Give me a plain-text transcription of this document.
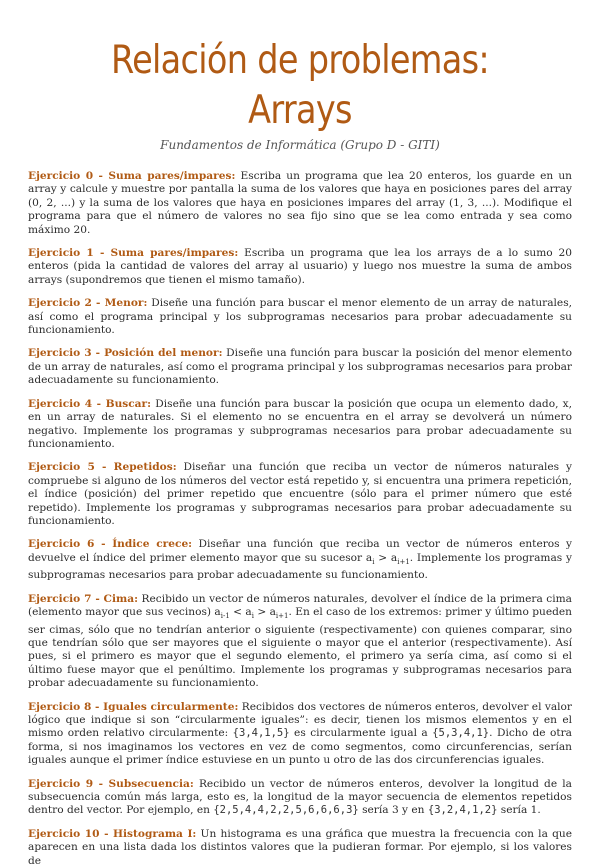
Relación de problemas: Arrays
Fundamentos de Informática (Grupo D - GITI)

Ejercicio 0 - Suma pares/impares: Escriba un programa que lea 20 enteros, los guarde en un array y calcule y muestre por pantalla la suma de los valores que haya en posiciones pares del array (0, 2, ...) y la suma de los valores que haya en posiciones impares del array (1, 3, ...). Modifique el programa para que el número de valores no sea fijo sino que se lea como entrada y sea como máximo 20.

Ejercicio 1 - Suma pares/impares: Escriba un programa que lea los arrays de a lo sumo 20 enteros (pida la cantidad de valores del array al usuario) y luego nos muestre la suma de ambos arrays (supondremos que tienen el mismo tamaño).

Ejercicio 2 - Menor: Diseñe una función para buscar el menor elemento de un array de naturales, así como el programa principal y los subprogramas necesarios para probar adecuadamente su funcionamiento.

Ejercicio 3 - Posición del menor: Diseñe una función para buscar la posición del menor elemento de un array de naturales, así como el programa principal y los subprogramas necesarios para probar adecuadamente su funcionamiento.

Ejercicio 4 - Buscar: Diseñe una función para buscar la posición que ocupa un elemento dado, x, en un array de naturales. Si el elemento no se encuentra en el array se devolverá un número negativo. Implemente los programas y subprogramas necesarios para probar adecuadamente su funcionamiento.

Ejercicio 5 - Repetidos: Diseñar una función que reciba un vector de números naturales y compruebe si alguno de los números del vector está repetido y, si encuentra una primera repetición, el índice (posición) del primer repetido que encuentre (sólo para el primer número que esté repetido). Implemente los programas y subprogramas necesarios para probar adecuadamente su funcionamiento.

Ejercicio 6 - Índice crece: Diseñar una función que reciba un vector de números enteros y devuelve el índice del primer elemento mayor que su sucesor $a_i > a_{i+1}$. Implemente los programas y subprogramas necesarios para probar adecuadamente su funcionamiento.

Ejercicio 7 - Cima: Recibido un vector de números naturales, devolver el índice de la primera cima (elemento mayor que sus vecinos) $a_{i-1} < a_i > a_{i+1}$. En el caso de los extremos: primer y último pueden ser cimas, sólo que no tendrían anterior o siguiente (respectivamente) con quienes comparar, sino que tendrían sólo que ser mayores que el siguiente o mayor que el anterior (respectivamente). Así pues, si el primero es mayor que el segundo elemento, el primero ya sería cima, así como si el último fuese mayor que el penúltimo. Implemente los programas y subprogramas necesarios para probar adecuadamente su funcionamiento.

Ejercicio 8 - Iguales circularmente: Recibidos dos vectores de números enteros, devolver el valor lógico que indique si son “circularmente iguales”: es decir, tienen los mismos elementos y en el mismo orden relativo circularmente: {3,4,1,5} es circularmente igual a {5,3,4,1}. Dicho de otra forma, si nos imaginamos los vectores en vez de como segmentos, como circunferencias, serían iguales aunque el primer índice estuviese en un punto u otro de las dos circunferencias iguales.

Ejercicio 9 - Subsecuencia: Recibido un vector de números enteros, devolver la longitud de la subsecuencia común más larga, esto es, la longitud de la mayor secuencia de elementos repetidos dentro del vector. Por ejemplo, en {2,5,4,4,2,2,5,6,6,6,3} sería 3 y en {3,2,4,1,2} sería 1.

Ejercicio 10 - Histograma I: Un histograma es una gráfica que muestra la frecuencia con la que aparecen en una lista dada los distintos valores que la pudieran formar. Por ejemplo, si los valores de
